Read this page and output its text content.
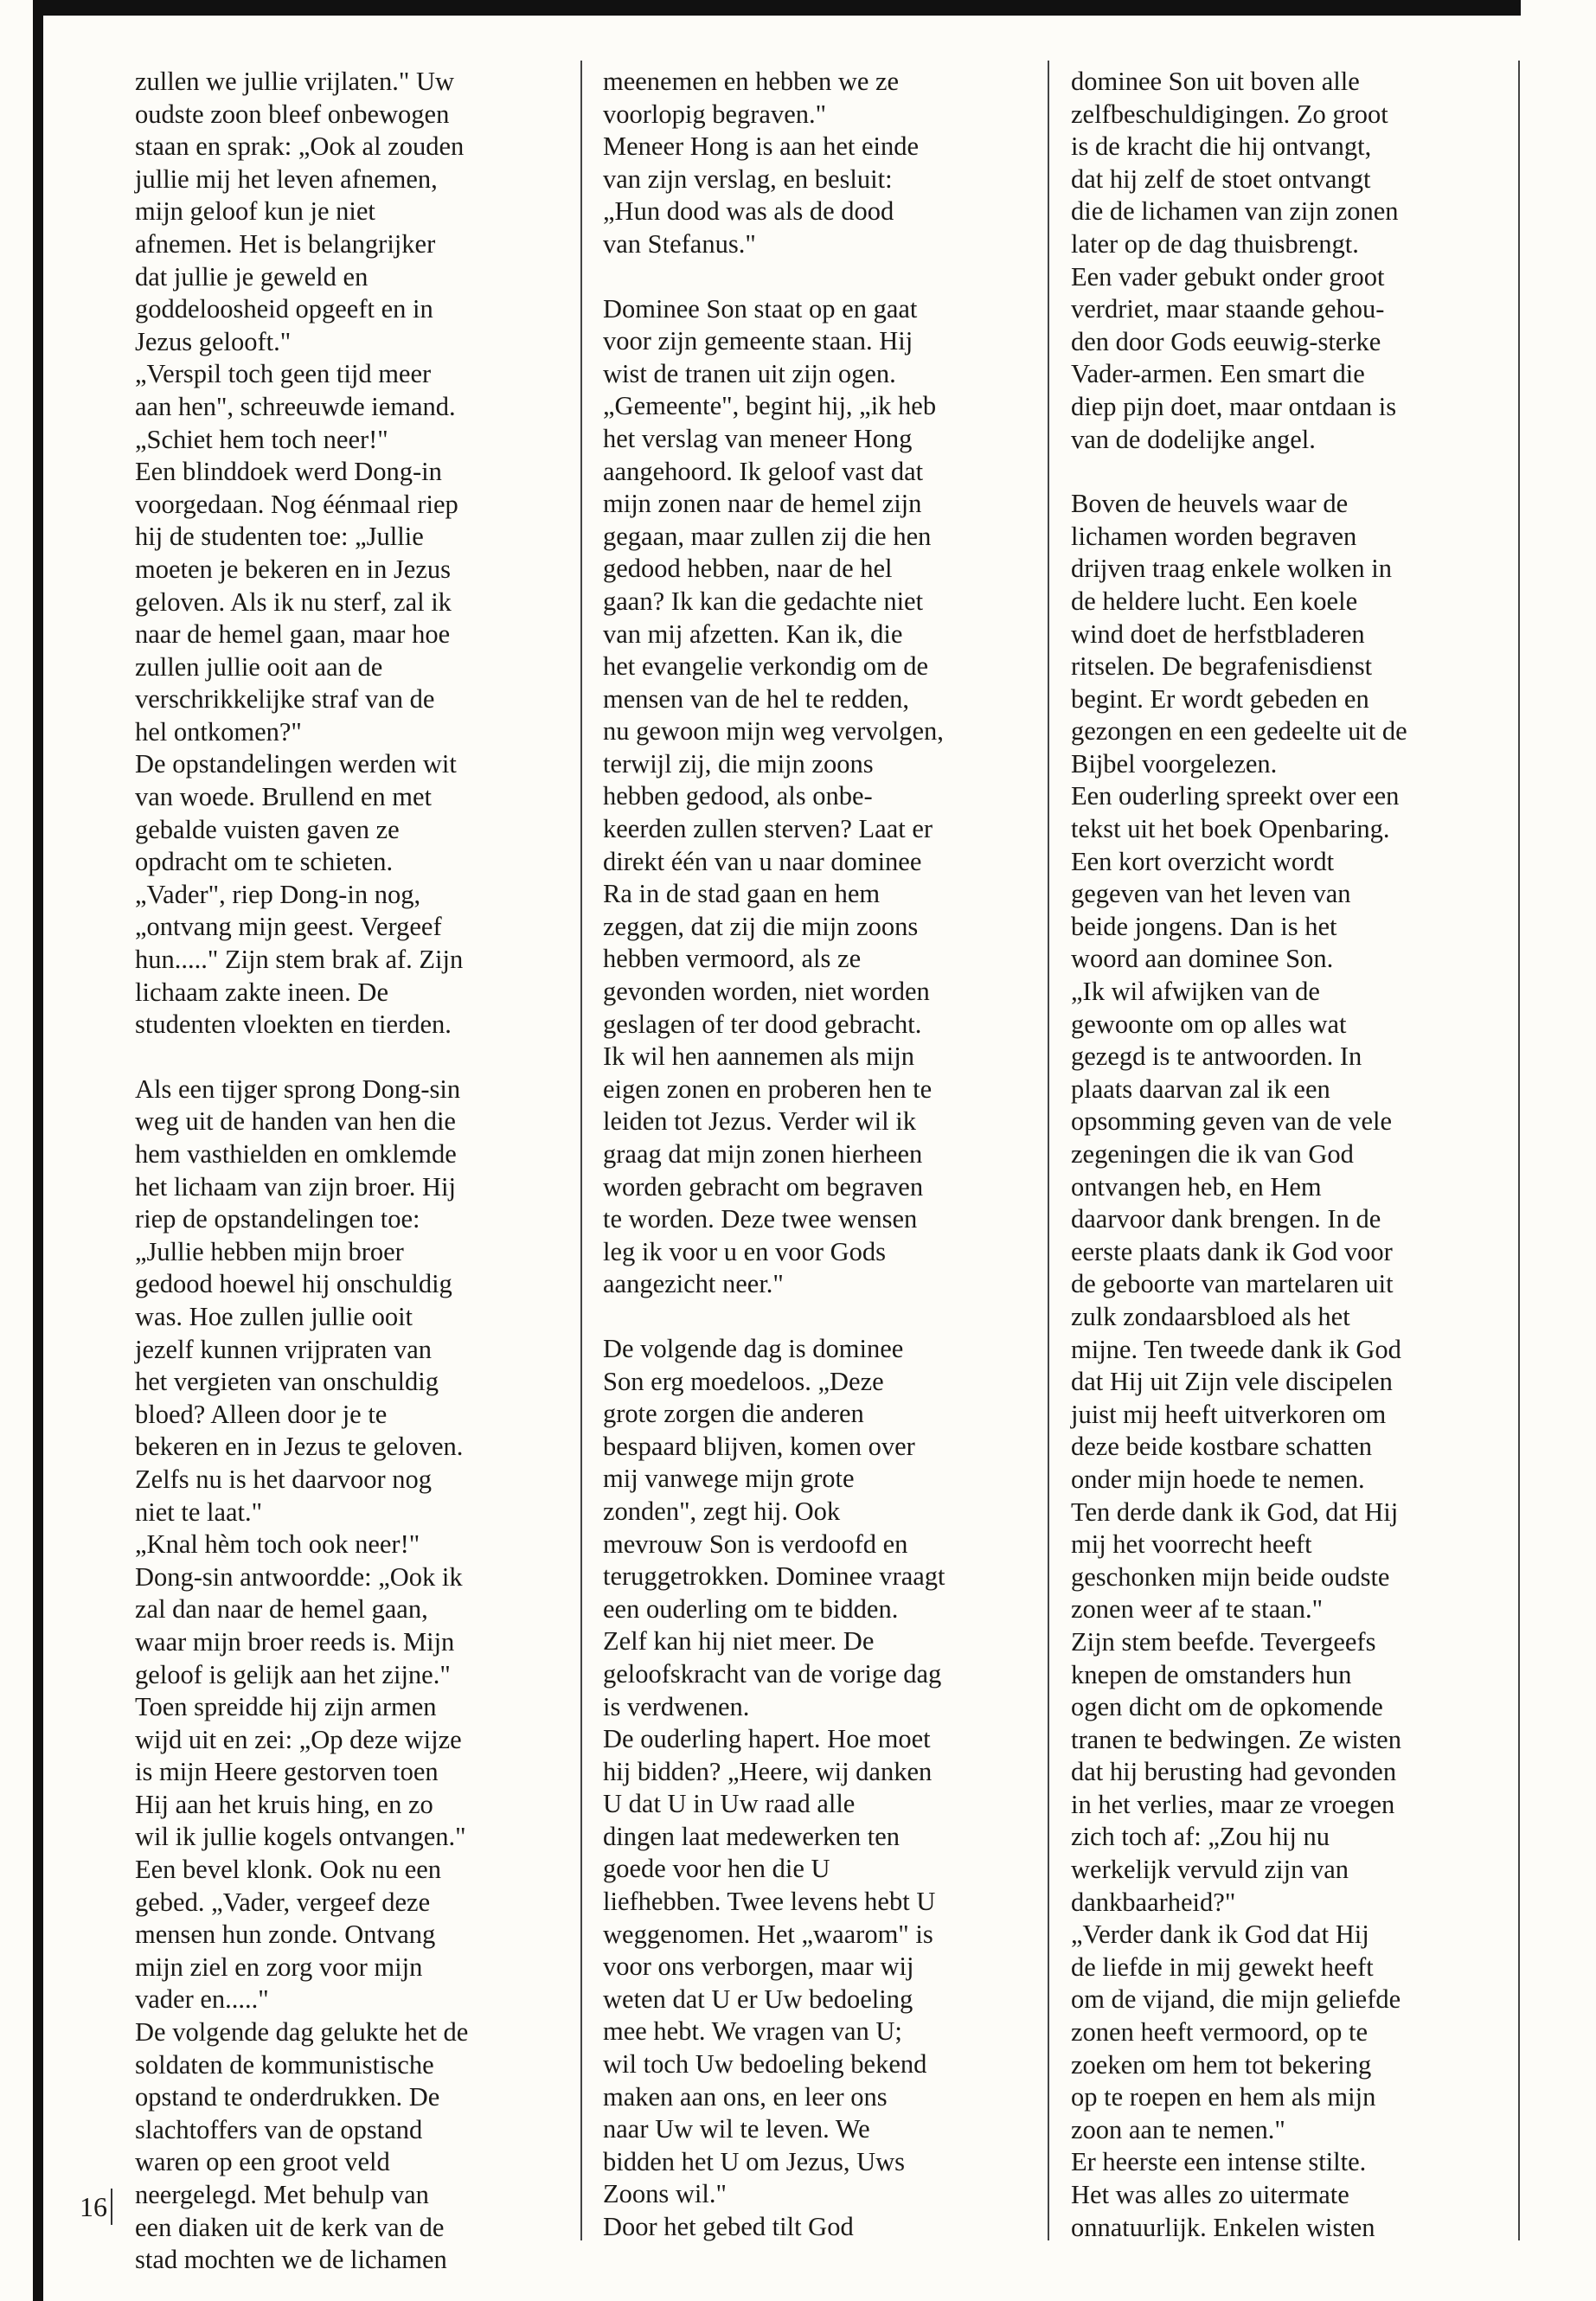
zullen we jullie vrijlaten." Uw

oudste zoon bleef onbewogen

staan en sprak: „Ook al zouden

jullie mij het leven afnemen,

mijn geloof kun je niet

afnemen. Het is belangrijker

dat jullie je geweld en

goddeloosheid opgeeft en in

Jezus gelooft."

„Verspil toch geen tijd meer

aan hen", schreeuwde iemand.

„Schiet hem toch neer!"

Een blinddoek werd Dong-in

voorgedaan. Nog éénmaal riep

hij de studenten toe: „Jullie

moeten je bekeren en in Jezus

geloven. Als ik nu sterf, zal ik

naar de hemel gaan, maar hoe

zullen jullie ooit aan de

verschrikkelijke straf van de

hel ontkomen?"

De opstandelingen werden wit

van woede. Brullend en met

gebalde vuisten gaven ze

opdracht om te schieten.

„Vader", riep Dong-in nog,

„ontvang mijn geest. Vergeef

hun....." Zijn stem brak af. Zijn

lichaam zakte ineen. De

studenten vloekten en tierden.

Als een tijger sprong Dong-sin

weg uit de handen van hen die

hem vasthielden en omklemde

het lichaam van zijn broer. Hij

riep de opstandelingen toe:

„Jullie hebben mijn broer

gedood hoewel hij onschuldig

was. Hoe zullen jullie ooit

jezelf kunnen vrijpraten van

het vergieten van onschuldig

bloed? Alleen door je te

bekeren en in Jezus te geloven.

Zelfs nu is het daarvoor nog

niet te laat."

„Knal hèm toch ook neer!"

Dong-sin antwoordde: „Ook ik

zal dan naar de hemel gaan,

waar mijn broer reeds is. Mijn

geloof is gelijk aan het zijne."

Toen spreidde hij zijn armen

wijd uit en zei: „Op deze wijze

is mijn Heere gestorven toen

Hij aan het kruis hing, en zo

wil ik jullie kogels ontvangen."

Een bevel klonk. Ook nu een

gebed. „Vader, vergeef deze

mensen hun zonde. Ontvang

mijn ziel en zorg voor mijn

vader en....."

De volgende dag gelukte het de

soldaten de kommunistische

opstand te onderdrukken. De

slachtoffers van de opstand

waren op een groot veld

neergelegd. Met behulp van

een diaken uit de kerk van de

stad mochten we de lichamen

meenemen en hebben we ze

voorlopig begraven."

Meneer Hong is aan het einde

van zijn verslag, en besluit:

„Hun dood was als de dood

van Stefanus."

Dominee Son staat op en gaat

voor zijn gemeente staan. Hij

wist de tranen uit zijn ogen.

„Gemeente", begint hij, „ik heb

het verslag van meneer Hong

aangehoord. Ik geloof vast dat

mijn zonen naar de hemel zijn

gegaan, maar zullen zij die hen

gedood hebben, naar de hel

gaan? Ik kan die gedachte niet

van mij afzetten. Kan ik, die

het evangelie verkondig om de

mensen van de hel te redden,

nu gewoon mijn weg vervolgen,

terwijl zij, die mijn zoons

hebben gedood, als onbe-

keerden zullen sterven? Laat er

direkt één van u naar dominee

Ra in de stad gaan en hem

zeggen, dat zij die mijn zoons

hebben vermoord, als ze

gevonden worden, niet worden

geslagen of ter dood gebracht.

Ik wil hen aannemen als mijn

eigen zonen en proberen hen te

leiden tot Jezus. Verder wil ik

graag dat mijn zonen hierheen

worden gebracht om begraven

te worden. Deze twee wensen

leg ik voor u en voor Gods

aangezicht neer."

De volgende dag is dominee

Son erg moedeloos. „Deze

grote zorgen die anderen

bespaard blijven, komen over

mij vanwege mijn grote

zonden", zegt hij. Ook

mevrouw Son is verdoofd en

teruggetrokken. Dominee vraagt

een ouderling om te bidden.

Zelf kan hij niet meer. De

geloofskracht van de vorige dag

is verdwenen.

De ouderling hapert. Hoe moet

hij bidden? „Heere, wij danken

U dat U in Uw raad alle

dingen laat medewerken ten

goede voor hen die U

liefhebben. Twee levens hebt U

weggenomen. Het „waarom" is

voor ons verborgen, maar wij

weten dat U er Uw bedoeling

mee hebt. We vragen van U;

wil toch Uw bedoeling bekend

maken aan ons, en leer ons

naar Uw wil te leven. We

bidden het U om Jezus, Uws

Zoons wil."

Door het gebed tilt God

dominee Son uit boven alle

zelfbeschuldigingen. Zo groot

is de kracht die hij ontvangt,

dat hij zelf de stoet ontvangt

die de lichamen van zijn zonen

later op de dag thuisbrengt.

Een vader gebukt onder groot

verdriet, maar staande gehou-

den door Gods eeuwig-sterke

Vader-armen. Een smart die

diep pijn doet, maar ontdaan is

van de dodelijke angel.

Boven de heuvels waar de

lichamen worden begraven

drijven traag enkele wolken in

de heldere lucht. Een koele

wind doet de herfstbladeren

ritselen. De begrafenisdienst

begint. Er wordt gebeden en

gezongen en een gedeelte uit de

Bijbel voorgelezen.

Een ouderling spreekt over een

tekst uit het boek Openbaring.

Een kort overzicht wordt

gegeven van het leven van

beide jongens. Dan is het

woord aan dominee Son.

„Ik wil afwijken van de

gewoonte om op alles wat

gezegd is te antwoorden. In

plaats daarvan zal ik een

opsomming geven van de vele

zegeningen die ik van God

ontvangen heb, en Hem

daarvoor dank brengen. In de

eerste plaats dank ik God voor

de geboorte van martelaren uit

zulk zondaarsbloed als het

mijne. Ten tweede dank ik God

dat Hij uit Zijn vele discipelen

juist mij heeft uitverkoren om

deze beide kostbare schatten

onder mijn hoede te nemen.

Ten derde dank ik God, dat Hij

mij het voorrecht heeft

geschonken mijn beide oudste

zonen weer af te staan."

Zijn stem beefde. Tevergeefs

knepen de omstanders hun

ogen dicht om de opkomende

tranen te bedwingen. Ze wisten

dat hij berusting had gevonden

in het verlies, maar ze vroegen

zich toch af: „Zou hij nu

werkelijk vervuld zijn van

dankbaarheid?"

„Verder dank ik God dat Hij

de liefde in mij gewekt heeft

om de vijand, die mijn geliefde

zonen heeft vermoord, op te

zoeken om hem tot bekering

op te roepen en hem als mijn

zoon aan te nemen."

Er heerste een intense stilte.

Het was alles zo uitermate

onnatuurlijk. Enkelen wisten

16
